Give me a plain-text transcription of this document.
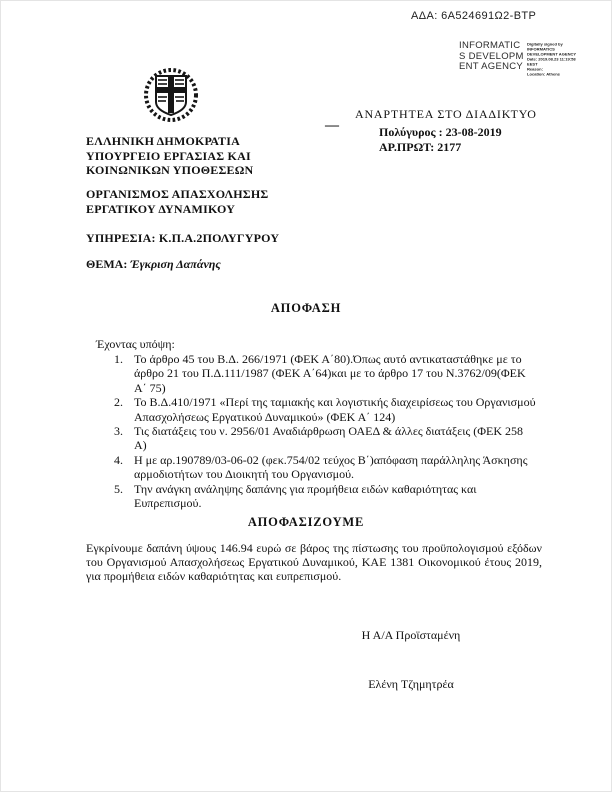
ΑΔΑ: 6Α524691Ω2-ΒΤΡ
INFORMATICS DEVELOPMENT AGENCY
Digitally signed by
INFORMATICS
DEVELOPMENT AGENCY
Date: 2019.08.23 11:19:58
EEST
Reason:
Location: Athens
ΑΝΑΡΤΗΤΕΑ ΣΤΟ ΔΙΑΔΙΚΤΥΟ
—
ΕΛΛΗΝΙΚΗ ΔΗΜΟΚΡΑΤΙΑ
ΥΠΟΥΡΓΕΙΟ ΕΡΓΑΣΙΑΣ ΚΑΙ
ΚΟΙΝΩΝΙΚΩΝ ΥΠΟΘΕΣΕΩΝ
Πολύγυρος : 23-08-2019
ΑΡ.ΠΡΩΤ: 2177
ΟΡΓΑΝΙΣΜΟΣ ΑΠΑΣΧΟΛΗΣΗΣ
ΕΡΓΑΤΙΚΟΥ ΔΥΝΑΜΙΚΟΥ
ΥΠΗΡΕΣΙΑ: Κ.Π.Α.2ΠΟΛΥΓΥΡΟΥ
ΘΕΜΑ: Έγκριση Δαπάνης
ΑΠΟΦΑΣΗ
Έχοντας υπόψη:
1. Το άρθρο 45 του Β.Δ. 266/1971 (ΦΕΚ Α΄80).Όπως αυτό αντικαταστάθηκε με το άρθρο 21 του Π.Δ.111/1987 (ΦΕΚ Α΄64)και με το άρθρο 17 του Ν.3762/09(ΦΕΚ Α΄ 75)
2. Το Β.Δ.410/1971 «Περί της ταμιακής και λογιστικής διαχειρίσεως του Οργανισμού Απασχολήσεως Εργατικού Δυναμικού» (ΦΕΚ Α΄ 124)
3. Τις διατάξεις του ν. 2956/01 Αναδιάρθρωση ΟΑΕΔ & άλλες διατάξεις (ΦΕΚ 258 Α)
4. Η με αρ.190789/03-06-02 (φεκ.754/02 τεύχος Β΄)απόφαση παράλληλης Άσκησης αρμοδιοτήτων του Διοικητή του Οργανισμού.
5. Την ανάγκη ανάληψης δαπάνης για προμήθεια ειδών καθαριότητας και Ευπρεπισμού.
ΑΠΟΦΑΣΙΖΟΥΜΕ
Εγκρίνουμε δαπάνη ύψους 146.94 ευρώ σε βάρος της πίστωσης του προϋπολογισμού εξόδων του Οργανισμού Απασχολήσεως Εργατικού Δυναμικού, ΚΑΕ 1381 Οικονομικού έτους 2019, για προμήθεια ειδών καθαριότητας και ευπρεπισμού.
Η Α/Α Προϊσταμένη
Ελένη Τζημητρέα
